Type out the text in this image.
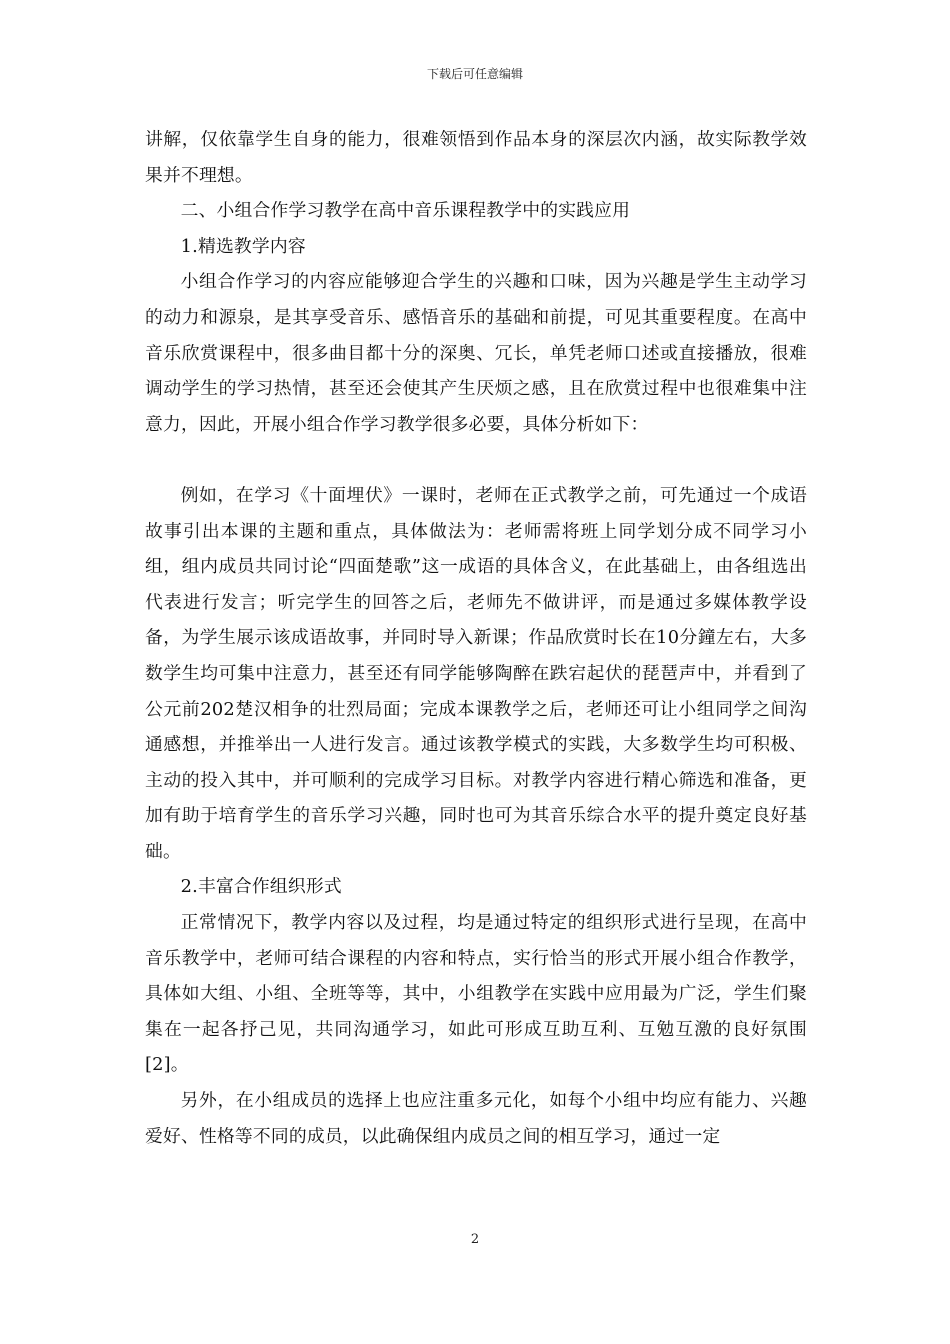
下载后可任意编辑

讲解，仅依靠学生自身的能力，很难领悟到作品本身的深层次内涵，故实际教学效果并不理想。

二、小组合作学习教学在高中音乐课程教学中的实践应用

1.精选教学内容

小组合作学习的内容应能够迎合学生的兴趣和口味，因为兴趣是学生主动学习的动力和源泉，是其享受音乐、感悟音乐的基础和前提，可见其重要程度。在高中音乐欣赏课程中，很多曲目都十分的深奥、冗长，单凭老师口述或直接播放，很难调动学生的学习热情，甚至还会使其产生厌烦之感，且在欣赏过程中也很难集中注意力，因此，开展小组合作学习教学很多必要，具体分析如下：

例如，在学习《十面埋伏》一课时，老师在正式教学之前，可先通过一个成语故事引出本课的主题和重点，具体做法为：老师需将班上同学划分成不同学习小组，组内成员共同讨论“四面楚歌”这一成语的具体含义，在此基础上，由各组选出代表进行发言；听完学生的回答之后，老师先不做讲评，而是通过多媒体教学设备，为学生展示该成语故事，并同时导入新课；作品欣赏时长在10分鐘左右，大多数学生均可集中注意力，甚至还有同学能够陶醉在跌宕起伏的琵琶声中，并看到了公元前202楚汉相争的壮烈局面；完成本课教学之后，老师还可让小组同学之间沟通感想，并推举出一人进行发言。通过该教学模式的实践，大多数学生均可积极、主动的投入其中，并可顺利的完成学习目标。对教学内容进行精心筛选和准备，更加有助于培育学生的音乐学习兴趣，同时也可为其音乐综合水平的提升奠定良好基础。

2.丰富合作组织形式

正常情况下，教学内容以及过程，均是通过特定的组织形式进行呈现，在高中音乐教学中，老师可结合课程的内容和特点，实行恰当的形式开展小组合作教学，具体如大组、小组、全班等等，其中，小组教学在实践中应用最为广泛，学生们聚集在一起各抒己见，共同沟通学习，如此可形成互助互利、互勉互激的良好氛围[2]。

另外，在小组成员的选择上也应注重多元化，如每个小组中均应有能力、兴趣爱好、性格等不同的成员，以此确保组内成员之间的相互学习，通过一定

2
